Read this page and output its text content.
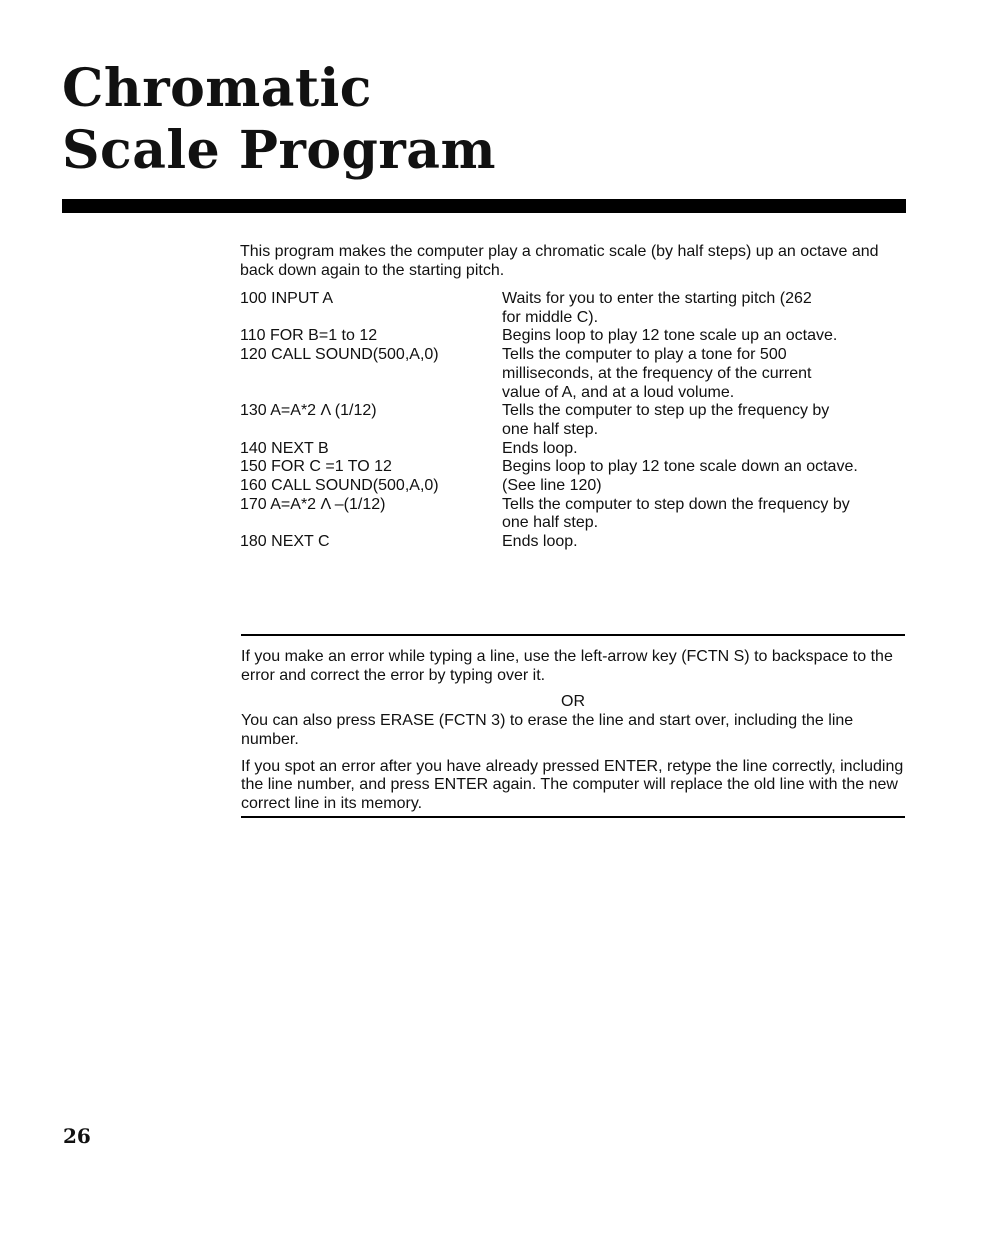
Chromatic
Scale Program

This program makes the computer play a chromatic scale (by half steps) up an octave and back down again to the starting pitch.

100 INPUT A	Waits for you to enter the starting pitch (262
for middle C).
110 FOR B=1 to 12	Begins loop to play 12 tone scale up an octave.
120 CALL SOUND(500,A,0)	Tells the computer to play a tone for 500
milliseconds, at the frequency of the current
value of A, and at a loud volume.
130 A=A*2 Λ (1/12)	Tells the computer to step up the frequency by
one half step.
140 NEXT B	Ends loop.
150 FOR C =1 TO 12	Begins loop to play 12 tone scale down an octave.
160 CALL SOUND(500,A,0)	(See line 120)
170 A=A*2 Λ –(1/12)	Tells the computer to step down the frequency by
one half step.
180 NEXT C	Ends loop.

If you make an error while typing a line, use the left-arrow key (FCTN S) to backspace to the error and correct the error by typing over it.

OR

You can also press ERASE (FCTN 3) to erase the line and start over, including the line number.

If you spot an error after you have already pressed ENTER, retype the line correctly, including the line number, and press ENTER again. The computer will replace the old line with the new correct line in its memory.

26
